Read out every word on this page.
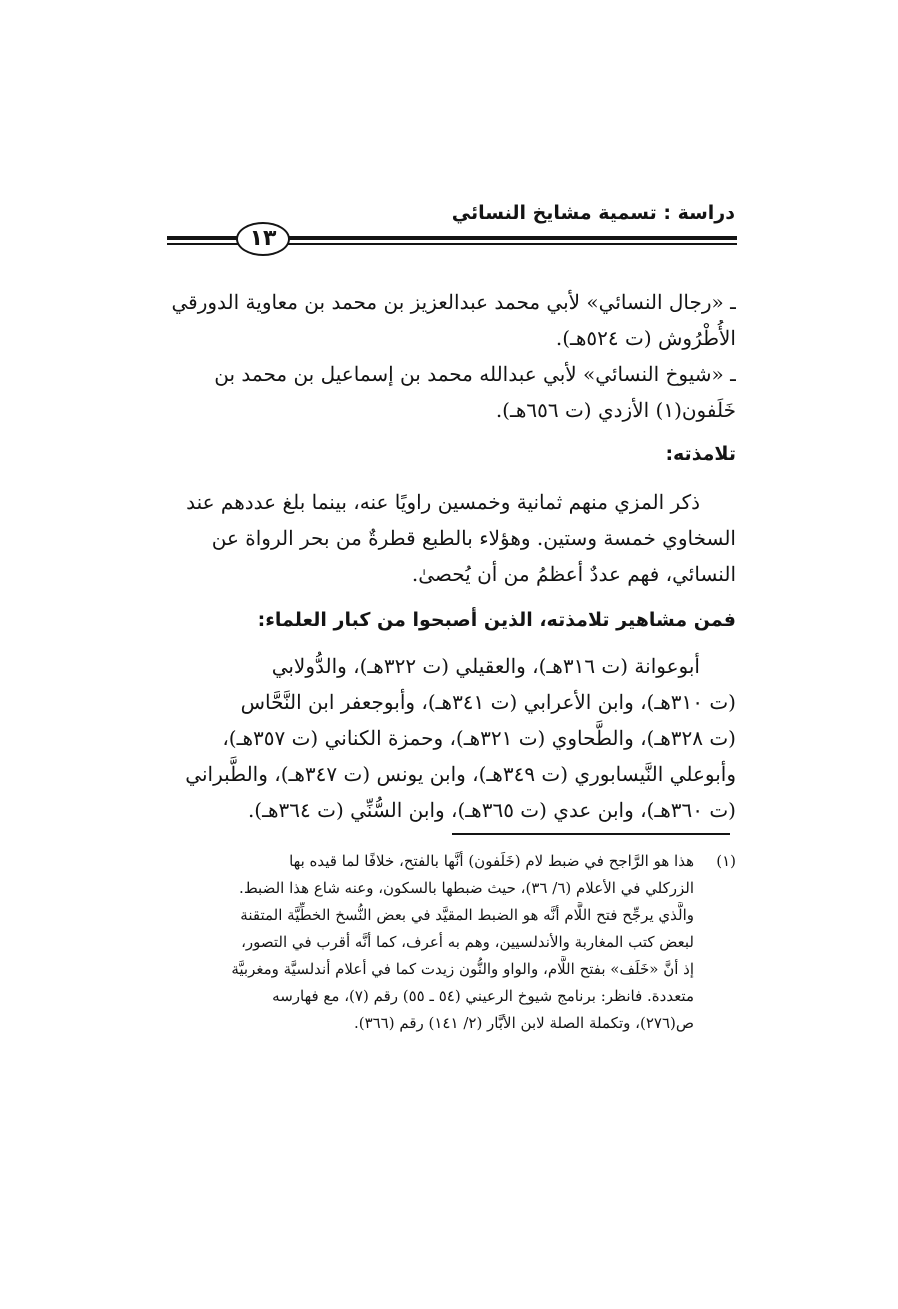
دراسة : تسمية مشايخ النسائي
١٣
ـ «رجال النسائي» لأبي محمد عبدالعزيز بن محمد بن معاوية الدورقي
الأُطْرُوش (ت ٥٢٤هـ).
ـ «شيوخ النسائي» لأبي عبدالله محمد بن إسماعيل بن محمد بن
خَلَفون(١) الأزدي (ت ٦٥٦هـ).
تلامذته:
ذكر المزي منهم ثمانية وخمسين راويًا عنه، بينما بلغ عددهم عند
السخاوي خمسة وستين. وهؤلاء بالطبع قطرةٌ من بحر الرواة عن
النسائي، فهم عددٌ أعظمُ من أن يُحصىٰ.
فمن مشاهير تلامذته، الذين أصبحوا من كبار العلماء:
أبوعوانة (ت ٣١٦هـ)، والعقيلي (ت ٣٢٢هـ)، والدُّولابي
(ت ٣١٠هـ)، وابن الأعرابي (ت ٣٤١هـ)، وأبوجعفر ابن النَّحَّاس
(ت ٣٢٨هـ)، والطَّحاوي (ت ٣٢١هـ)، وحمزة الكناني (ت ٣٥٧هـ)،
وأبوعلي النَّيسابوري (ت ٣٤٩هـ)، وابن يونس (ت ٣٤٧هـ)، والطَّبراني
(ت ٣٦٠هـ)، وابن عدي (ت ٣٦٥هـ)، وابن السُّنِّي (ت ٣٦٤هـ).
(١)هذا هو الرَّاجح في ضبط لام (خَلَفون) أنَّها بالفتح، خلافًا لما قيده بها
الزركلي في الأعلام (٦/ ٣٦)، حيث ضبطها بالسكون، وعنه شاع هذا الضبط.
والَّذي يرجِّح فتح اللَّام أنَّه هو الضبط المقيَّد في بعض النُّسخ الخطِّيَّة المتقنة
لبعض كتب المغاربة والأندلسيين، وهم به أعرف، كما أنَّه أقرب في التصور،
إذ أنَّ «خَلَف» بفتح اللَّام، والواو والنُّون زيدت كما في أعلام أندلسيَّة ومغربيَّة
متعددة. فانظر: برنامج شيوخ الرعيني (٥٤ ـ ٥٥) رقم (٧)، مع فهارسه
ص(٢٧٦)، وتكملة الصلة لابن الأبَّار (٢/ ١٤١) رقم (٣٦٦).
